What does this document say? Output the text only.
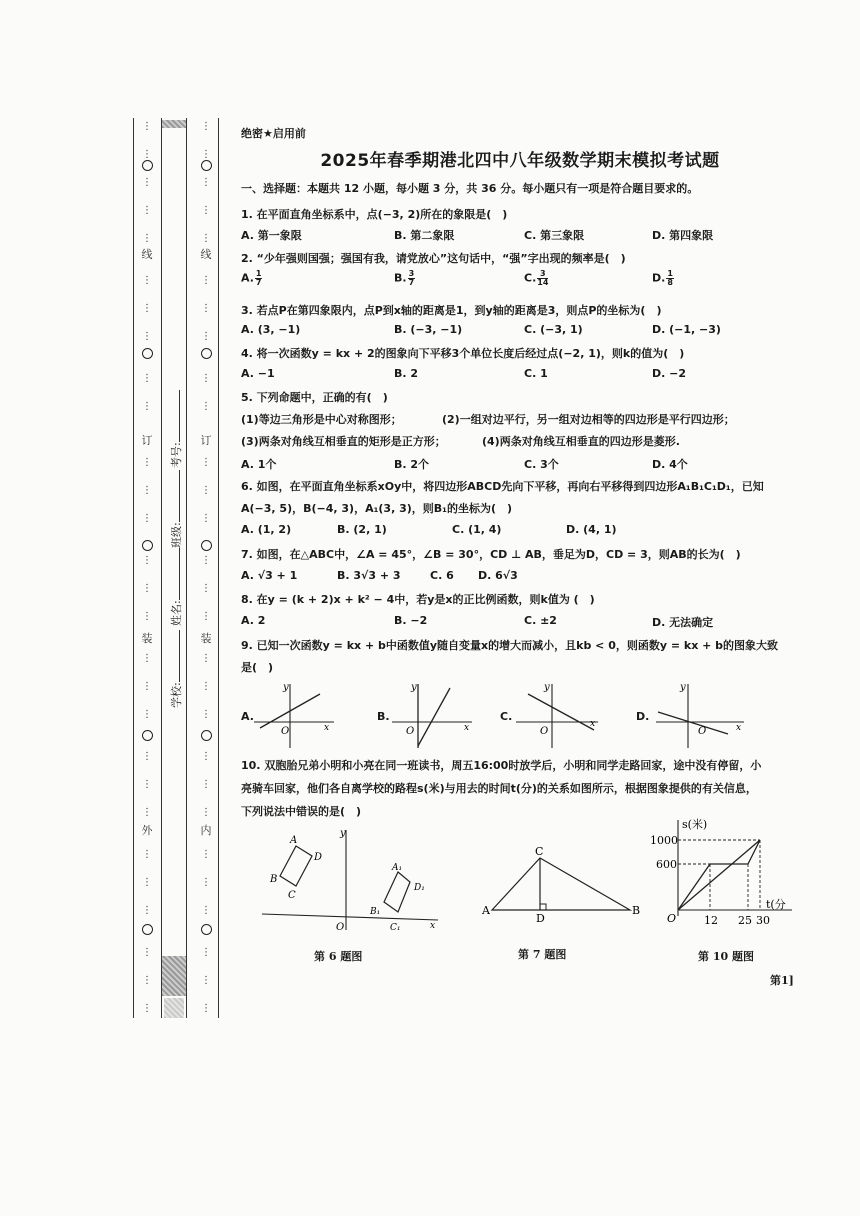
线
订
装
外
⋮
⋮
⋮
⋮
⋮
⋮
⋮
⋮
⋮
⋮
⋮
⋮
⋮
⋮
⋮
⋮
⋮
⋮
⋮
⋮
⋮
⋮
⋮
⋮
⋮
⋮
⋮
⋮
线
订
装
内
⋮
⋮
⋮
⋮
⋮
⋮
⋮
⋮
⋮
⋮
⋮
⋮
⋮
⋮
⋮
⋮
⋮
⋮
⋮
⋮
⋮
⋮
⋮
⋮
⋮
⋮
⋮
⋮
学校:
姓名:
班级:
考号:
绝密★启用前
2025年春季期港北四中八年级数学期末模拟考试题
一、选择题：本题共 12 小题，每小题 3 分，共 36 分。每小题只有一项是符合题目要求的。
1. 在平面直角坐标系中，点(−3, 2)所在的象限是(　)
A. 第一象限	B. 第二象限	C. 第三象限	D. 第四象限
2. “少年强则国强；强国有我，请党放心”这句话中，“强”字出现的频率是(　)
A. $\frac{1}{7}$	B. $\frac{3}{7}$	C. $\frac{3}{14}$	D. $\frac{1}{8}$
3. 若点P在第四象限内，点P到x轴的距离是1，到y轴的距离是3，则点P的坐标为(　)
A. (3, −1)	B. (−3, −1)	C. (−3, 1)	D. (−1, −3)
4. 将一次函数y = kx + 2的图象向下平移3个单位长度后经过点(−2, 1)，则k的值为(　)
A. −1	B. 2	C. 1	D. −2
5. 下列命题中，正确的有(　)
(1)等边三角形是中心对称图形；	(2)一组对边平行，另一组对边相等的四边形是平行四边形；
(3)两条对角线互相垂直的矩形是正方形；	(4)两条对角线互相垂直的四边形是菱形.
A. 1个	B. 2个	C. 3个	D. 4个
6. 如图，在平面直角坐标系xOy中，将四边形ABCD先向下平移，再向右平移得到四边形A₁B₁C₁D₁，已知
A(−3, 5)，B(−4, 3)，A₁(3, 3)，则B₁的坐标为(　)
A. (1, 2)	B. (2, 1)	C. (1, 4)	D. (4, 1)
7. 如图，在△ABC中，∠A = 45°，∠B = 30°，CD ⊥ AB，垂足为D，CD = 3，则AB的长为(　)
A. √3 + 1	B. 3√3 + 3	C. 6 D. 6√3
8. 在y = (k + 2)x + k² − 4中，若y是x的正比例函数，则k值为 (　)
A. 2	B. −2	C. ±2	D. 无法确定
9. 已知一次函数y = kx + b中函数值y随自变量x的增大而减小，且kb < 0，则函数y = kx + b的图象大致
是(　)
A.	B.	C.	D.
y
O	x
y
O	x
y
O
x
y
O	x
10. 双胞胎兄弟小明和小亮在同一班读书，周五16:00时放学后，小明和同学走路回家，途中没有停留，小
亮骑车回家，他们各自离学校的路程s(米)与用去的时间t(分)的关系如图所示，根据图象提供的有关信息，
下列说法中错误的是(　)
A
B
C
D
A₁
B₁
C₁
D₁
O	x
y
第 6 题图
A	B
C
D
第 7 题图
1000
600
12 25 30
O
s(米)
t(分
第 10 题图
第1]
